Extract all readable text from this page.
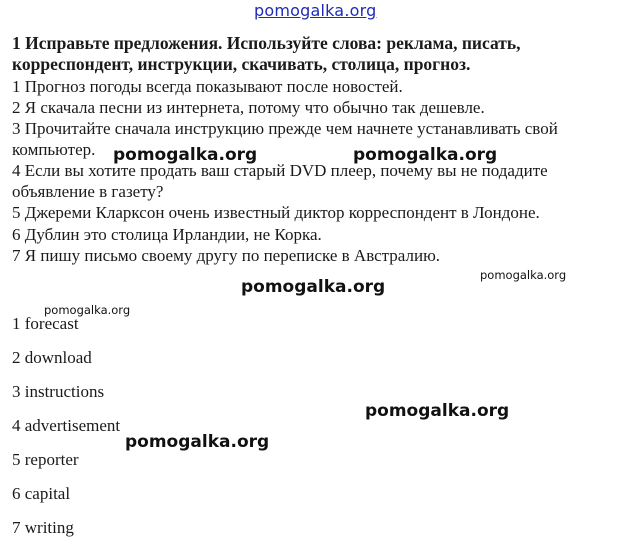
pomogalka.org

1 Исправьте предложения. Используйте слова: реклама, писать, корреспондент, инструкции, скачивать, столица, прогноз.

1 Прогноз погоды всегда показывают после новостей.

2 Я скачала песни из интернета, потому что обычно так дешевле.

3 Прочитайте сначала инструкцию прежде чем начнете устанавливать свой компьютер.

4 Если вы хотите продать ваш старый DVD плеер, почему вы не подадите объявление в газету?

5 Джереми Кларксон очень известный диктор корреспондент в Лондоне.

6 Дублин это столица Ирландии, не Корка.

7 Я пишу письмо своему другу по переписке в Австралию.

1 forecast

2 download

3 instructions

4 advertisement

5 reporter

6 capital

7 writing

pomogalka.org	pomogalka.org
pomogalka.org
pomogalka.org
pomogalka.org
pomogalka.org
pomogalka.org
